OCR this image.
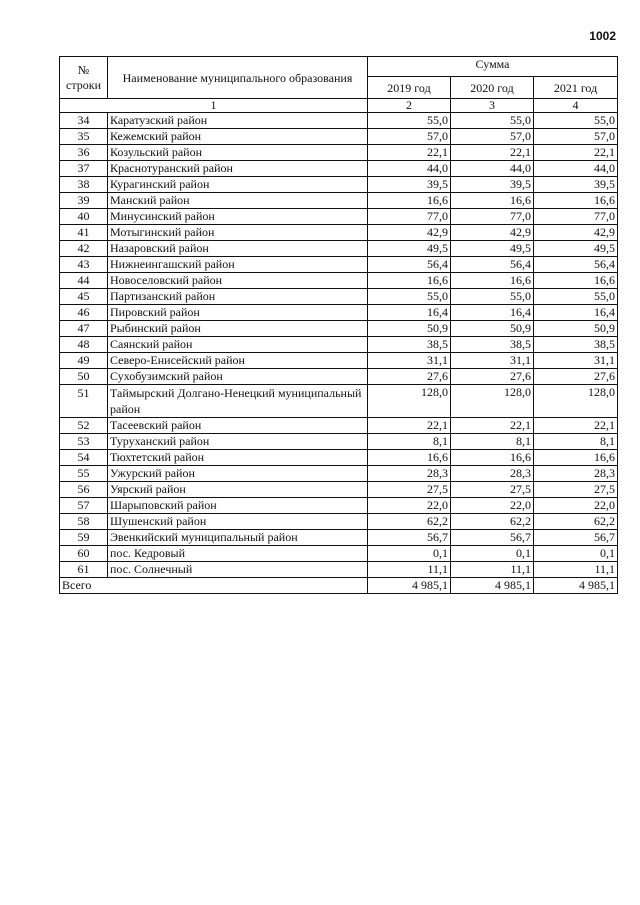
1002
№
строки	Наименование муниципального образования	Сумма		
		2019 год	2020 год	2021 год
1		2	3	4
34	Каратузский район	55,0	55,0	55,0
35	Кежемский район	57,0	57,0	57,0
36	Козульский район	22,1	22,1	22,1
37	Краснотуранский район	44,0	44,0	44,0
38	Курагинский район	39,5	39,5	39,5
39	Манский район	16,6	16,6	16,6
40	Минусинский район	77,0	77,0	77,0
41	Мотыгинский район	42,9	42,9	42,9
42	Назаровский район	49,5	49,5	49,5
43	Нижнеингашский район	56,4	56,4	56,4
44	Новоселовский район	16,6	16,6	16,6
45	Партизанский район	55,0	55,0	55,0
46	Пировский район	16,4	16,4	16,4
47	Рыбинский район	50,9	50,9	50,9
48	Саянский район	38,5	38,5	38,5
49	Северо-Енисейский район	31,1	31,1	31,1
50	Сухобузимский район	27,6	27,6	27,6
51	Таймырский Долгано-Ненецкий муниципальный район	128,0	128,0	128,0
52	Тасеевский район	22,1	22,1	22,1
53	Туруханский район	8,1	8,1	8,1
54	Тюхтетский район	16,6	16,6	16,6
55	Ужурский район	28,3	28,3	28,3
56	Уярский район	27,5	27,5	27,5
57	Шарыповский район	22,0	22,0	22,0
58	Шушенский район	62,2	62,2	62,2
59	Эвенкийский муниципальный район	56,7	56,7	56,7
60	пос. Кедровый	0,1	0,1	0,1
61	пос. Солнечный	11,1	11,1	11,1
Всего		4 985,1	4 985,1	4 985,1
